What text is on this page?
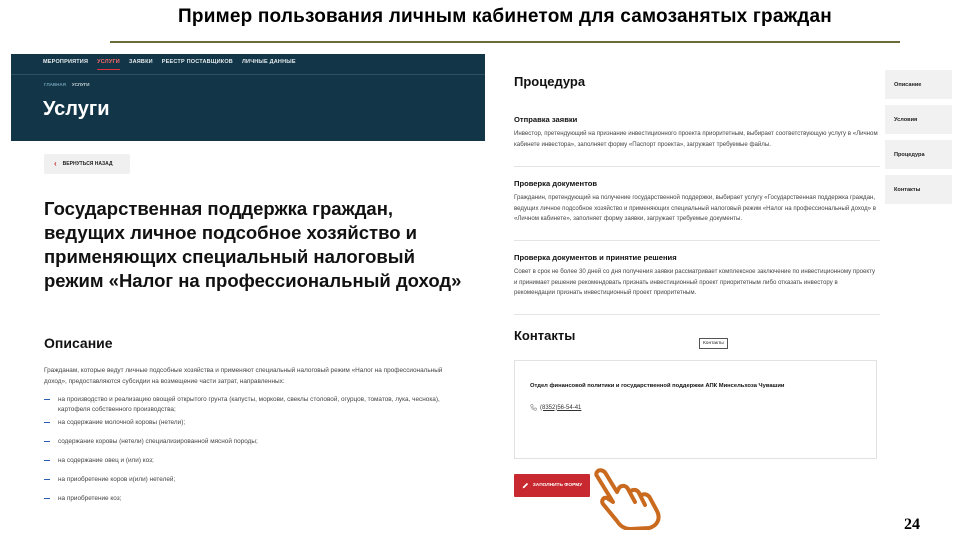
Пример пользования личным кабинетом для самозанятых граждан
МЕРОПРИЯТИЯ УСЛУГИ ЗАЯВКИ РЕЕСТР ПОСТАВЩИКОВ ЛИЧНЫЕ ДАННЫЕ
ГЛАВНАЯ УСЛУГИ
Услуги
‹ ВЕРНУТЬСЯ НАЗАД
Государственная поддержка граждан, ведущих личное подсобное хозяйство и применяющих специальный налоговый режим «Налог на профессиональный доход»
Описание
Гражданам, которые ведут личные подсобные хозяйства и применяют специальный налоговый режим «Налог на профессиональный доход», предоставляются субсидии на возмещение части затрат, направленных:
на производство и реализацию овощей открытого грунта (капусты, моркови, свеклы столовой, огурцов, томатов, лука, чеснока), картофеля собственного производства;
на содержание молочной коровы (нетели);
содержание коровы (нетели) специализированной мясной породы;
на содержание овец и (или) коз;
на приобретение коров и(или) нетелей;
на приобретение коз;
Процедура
Отправка заявки
Инвестор, претендующий на признание инвестиционного проекта приоритетным, выбирает соответствующую услугу в «Личном кабинете инвестора», заполняет форму «Паспорт проекта», загружает требуемые файлы.
Проверка документов
Гражданин, претендующий на получение государственной поддержки, выбирает услугу «Государственная поддержка граждан, ведущих личное подсобное хозяйство и применяющих специальный налоговый режим «Налог на профессиональный доход» в «Личном кабинете», заполняет форму заявки, загружает требуемые документы.
Проверка документов и принятие решения
Совет в срок не более 30 дней со дня получения заявки рассматривает комплексное заключение по инвестиционному проекту и принимает решение рекомендовать признать инвестиционный проект приоритетным либо отказать инвестору в рекомендации признать инвестиционный проект приоритетным.
Описание
Условия
Процедура
Контакты
Контакты
Контакты
Отдел финансовой политики и государственной поддержки АПК Минсельхоза Чувашии
(8352)56-54-41
ЗАПОЛНИТЬ ФОРМУ
24
